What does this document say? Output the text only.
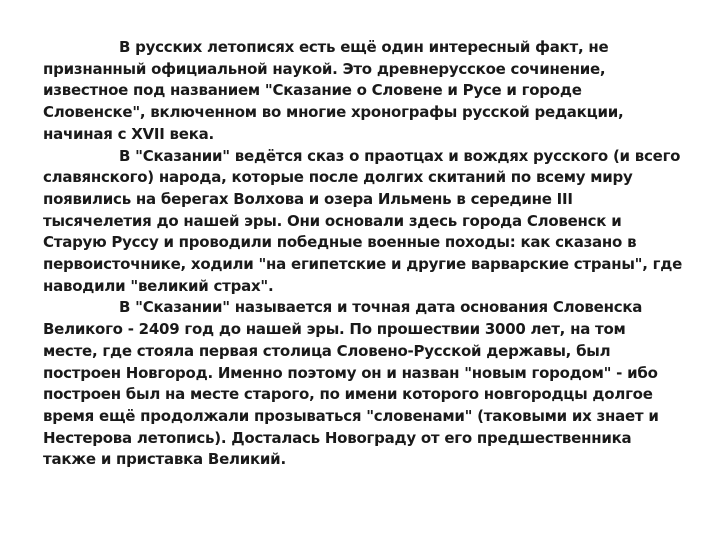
В русских летописях есть ещё один интересный факт, не признанный официальной наукой. Это древнерусское сочинение, известное под названием "Сказание о Словене и Русе и городе Словенске", включенном во многие хронографы русской редакции, начиная с XVII века.

В "Сказании" ведётся сказ о праотцах и вождях русского (и всего славянского) народа, которые после долгих скитаний по всему миру появились на берегах Волхова и озера Ильмень в середине III тысячелетия до нашей эры. Они основали здесь города Словенск и Старую Руссу и проводили победные военные походы: как сказано в первоисточнике, ходили "на египетские и другие варварские страны", где наводили "великий страх".

В "Сказании" называется и точная дата основания Словенска Великого - 2409 год до нашей эры. По прошествии 3000 лет, на том месте, где стояла первая столица Словено-Русской державы, был построен Новгород. Именно поэтому он и назван "новым городом" - ибо построен был на месте старого, по имени которого новгородцы долгое время ещё продолжали прозываться "словенами" (таковыми их знает и Нестерова летопись). Досталась Новограду от его предшественника также и приставка Великий.
